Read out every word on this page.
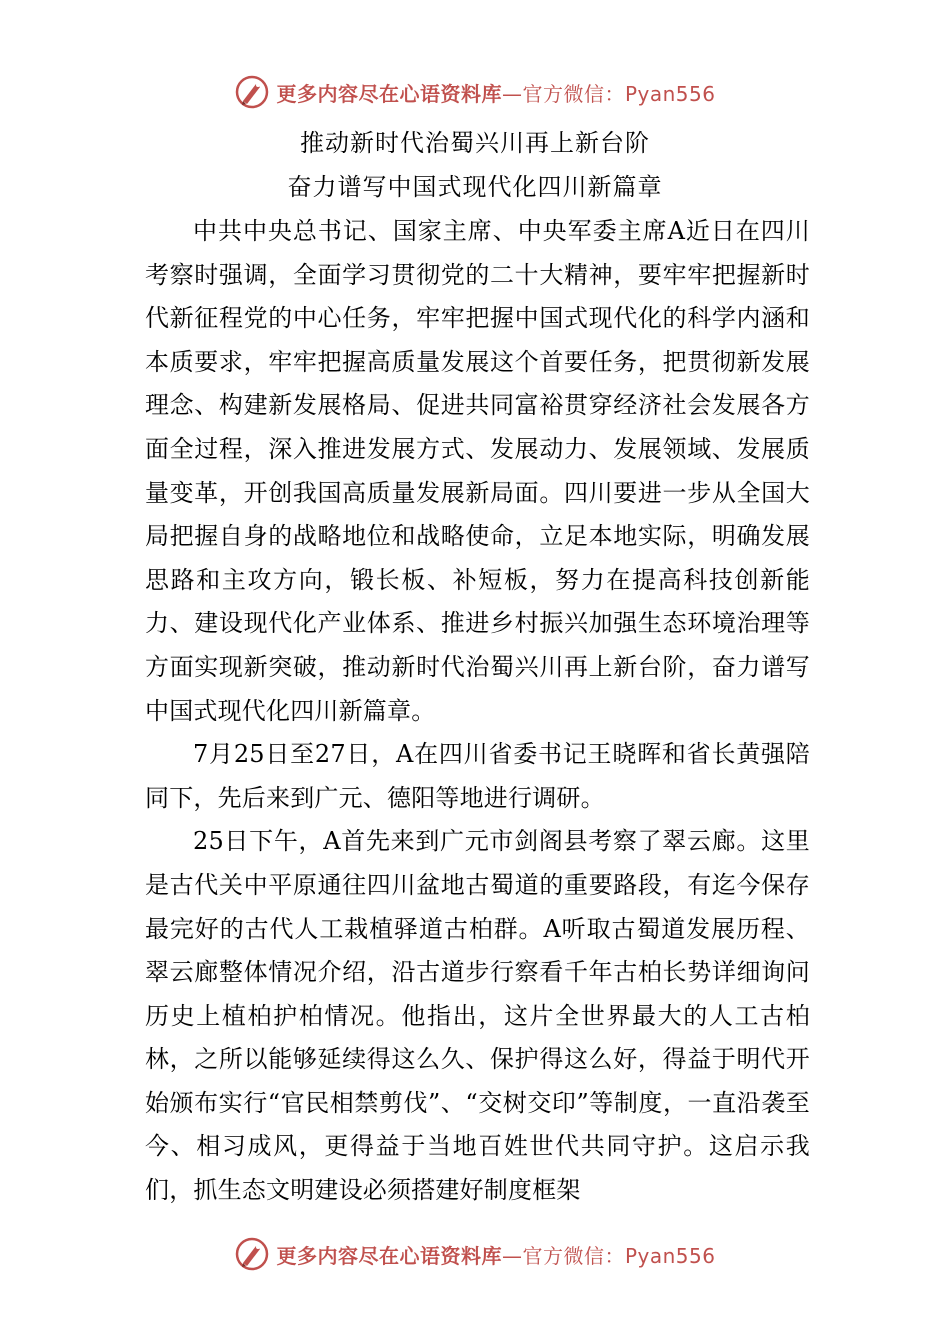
更多内容尽在心语资料库 —官方微信：Pyan556
推动新时代治蜀兴川再上新台阶
奋力谱写中国式现代化四川新篇章

中共中央总书记、国家主席、中央军委主席A近日在四川考察时强调，全面学习贯彻党的二十大精神，要牢牢把握新时代新征程党的中心任务，牢牢把握中国式现代化的科学内涵和本质要求，牢牢把握高质量发展这个首要任务，把贯彻新发展理念、构建新发展格局、促进共同富裕贯穿经济社会发展各方面全过程，深入推进发展方式、发展动力、发展领域、发展质量变革，开创我国高质量发展新局面。四川要进一步从全国大局把握自身的战略地位和战略使命，立足本地实际，明确发展思路和主攻方向，锻长板、补短板，努力在提高科技创新能力、建设现代化产业体系、推进乡村振兴加强生态环境治理等方面实现新突破，推动新时代治蜀兴川再上新台阶，奋力谱写中国式现代化四川新篇章。

7月25日至27日，A在四川省委书记王晓晖和省长黄强陪同下，先后来到广元、德阳等地进行调研。

25日下午，A首先来到广元市剑阁县考察了翠云廊。这里是古代关中平原通往四川盆地古蜀道的重要路段，有迄今保存最完好的古代人工栽植驿道古柏群。A听取古蜀道发展历程、翠云廊整体情况介绍，沿古道步行察看千年古柏长势详细询问历史上植柏护柏情况。他指出，这片全世界最大的人工古柏林，之所以能够延续得这么久、保护得这么好，得益于明代开始颁布实行“官民相禁剪伐”、“交树交印”等制度，一直沿袭至今、相习成风，更得益于当地百姓世代共同守护。这启示我们，抓生态文明建设必须搭建好制度框架

更多内容尽在心语资料库 —官方微信：Pyan556
